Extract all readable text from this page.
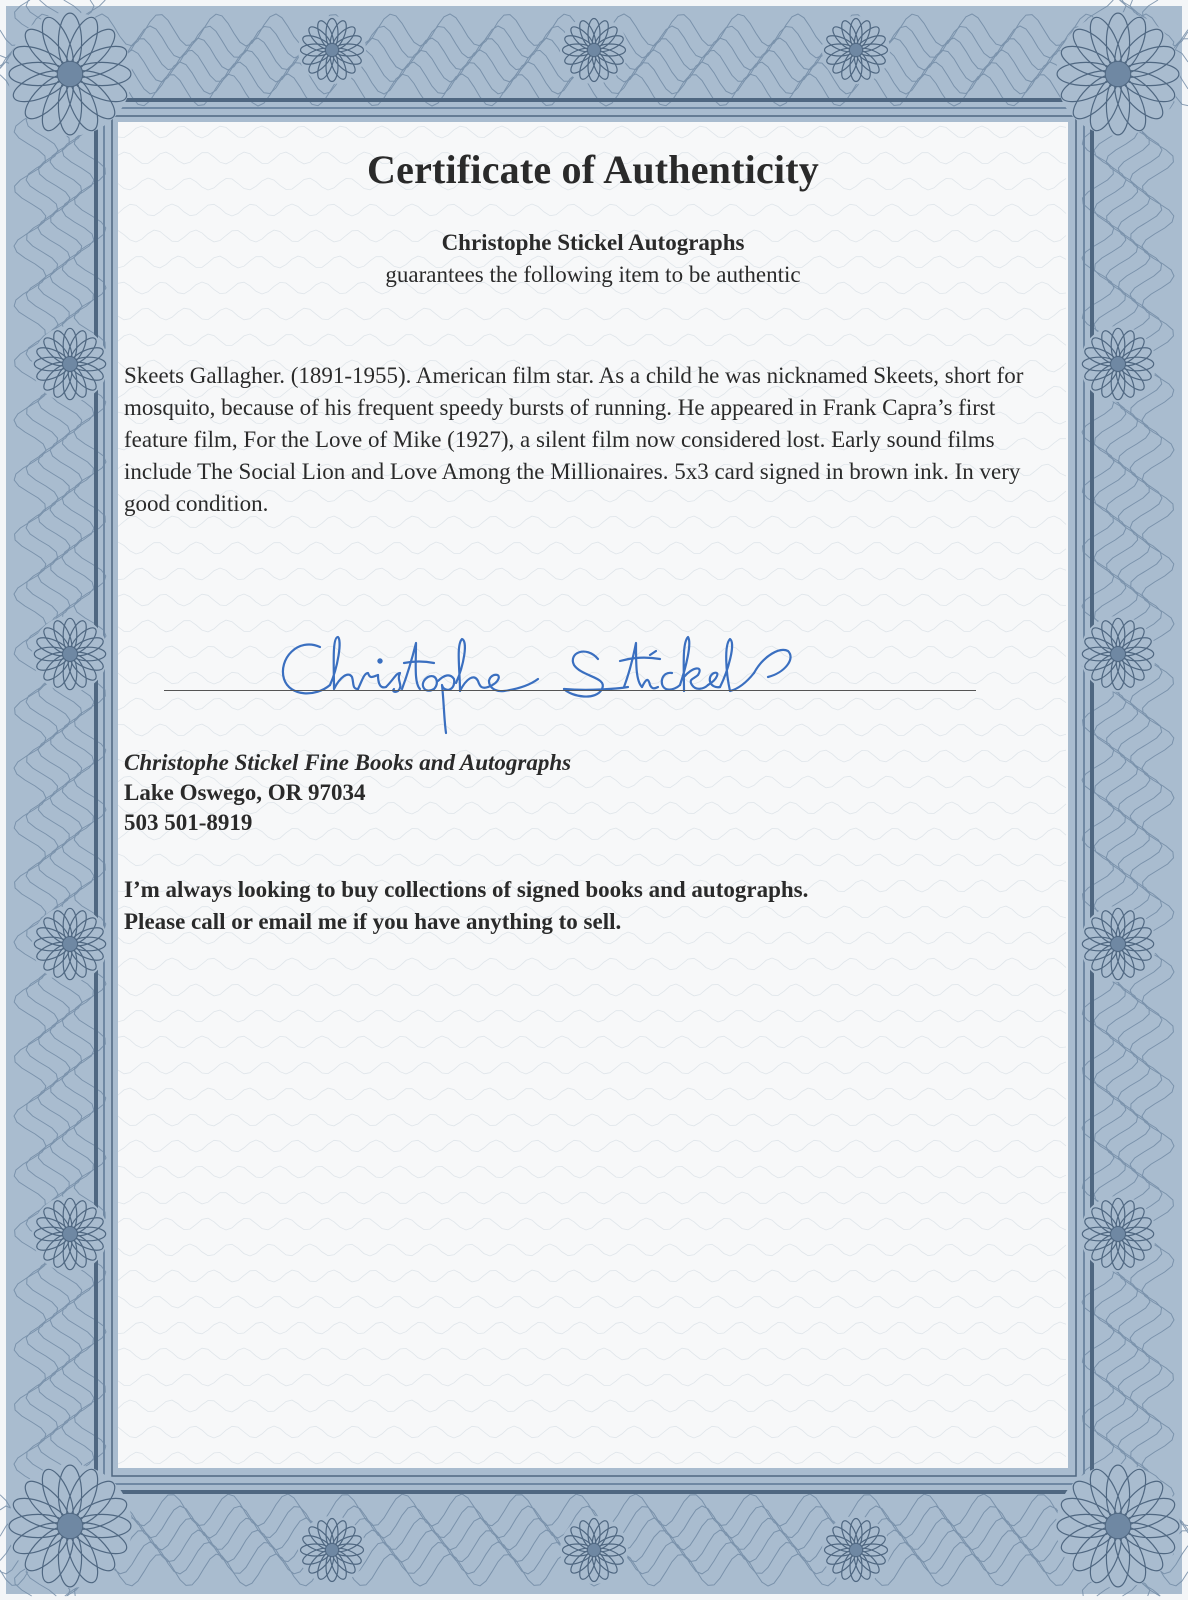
Certificate of Authenticity
Christophe Stickel Autographs
guarantees the following item to be authentic
Skeets Gallagher. (1891-1955). American film star. As a child he was nicknamed Skeets, short for mosquito, because of his frequent speedy bursts of running. He appeared in Frank Capra’s first feature film, For the Love of Mike (1927), a silent film now considered lost. Early sound films include The Social Lion and Love Among the Millionaires. 5x3 card signed in brown ink. In very good condition.
Christophe Stickel Fine Books and Autographs
Lake Oswego, OR 97034
503 501-8919
I’m always looking to buy collections of signed books and autographs.
Please call or email me if you have anything to sell.
